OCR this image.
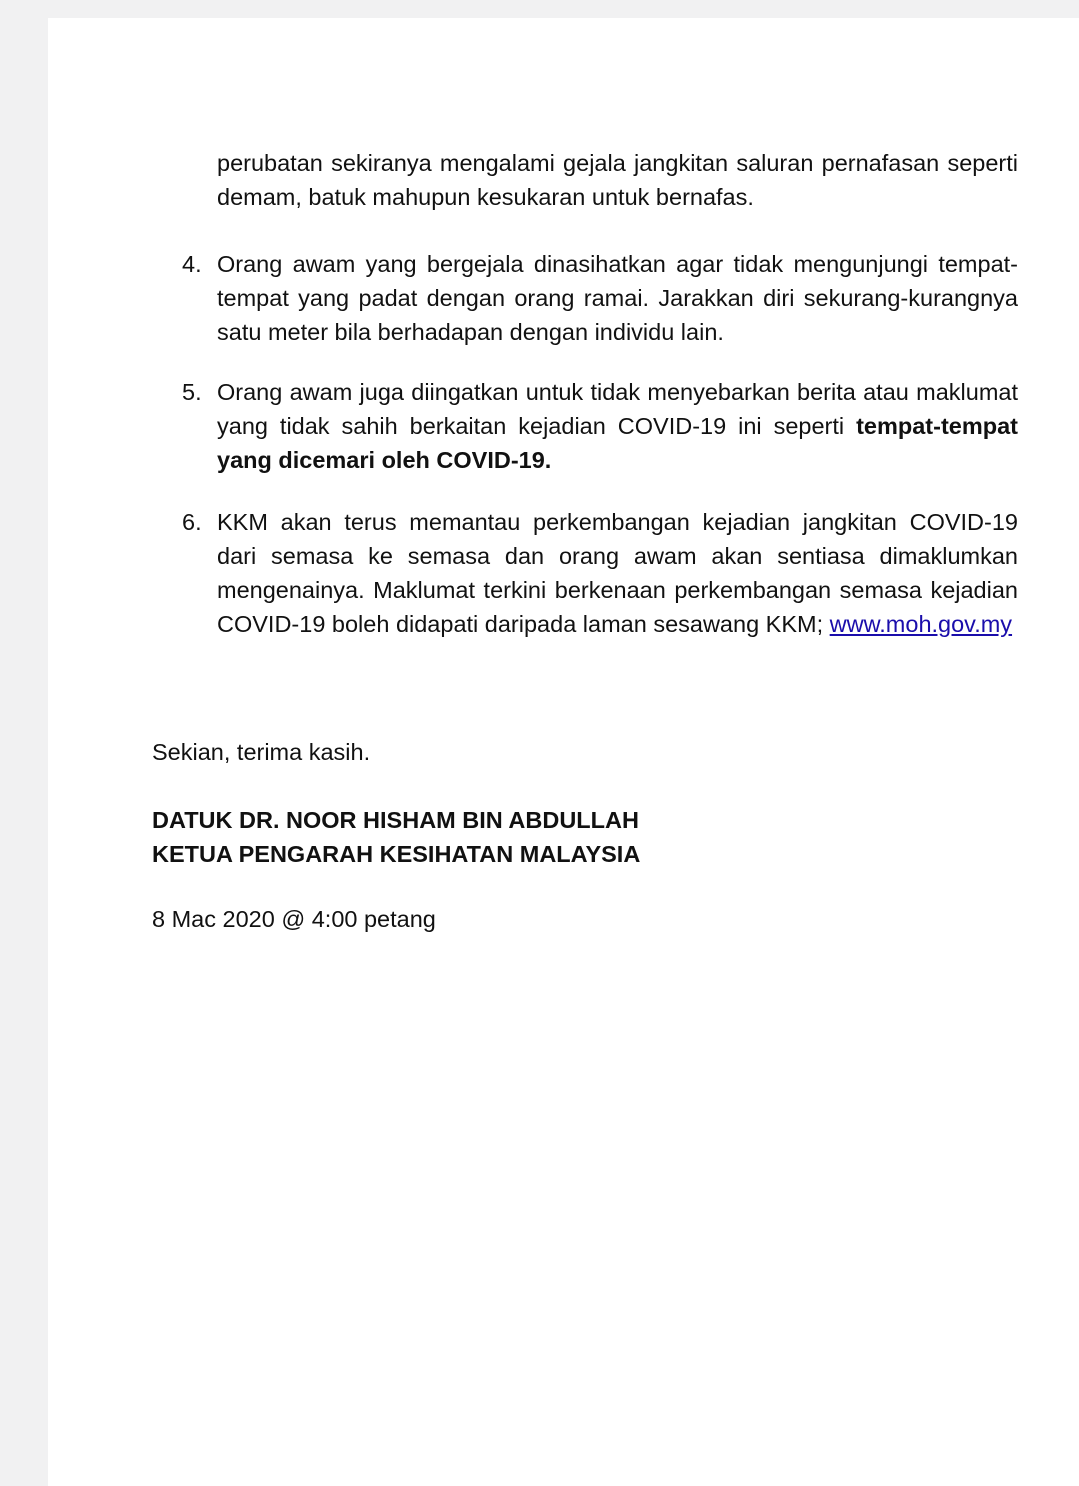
perubatan sekiranya mengalami gejala jangkitan saluran pernafasan seperti demam, batuk mahupun kesukaran untuk bernafas.

4. Orang awam yang bergejala dinasihatkan agar tidak mengunjungi tempat-tempat yang padat dengan orang ramai. Jarakkan diri sekurang-kurangnya satu meter bila berhadapan dengan individu lain.

5. Orang awam juga diingatkan untuk tidak menyebarkan berita atau maklumat yang tidak sahih berkaitan kejadian COVID-19 ini seperti tempat-tempat yang dicemari oleh COVID-19.

6. KKM akan terus memantau perkembangan kejadian jangkitan COVID-19 dari semasa ke semasa dan orang awam akan sentiasa dimaklumkan mengenainya. Maklumat terkini berkenaan perkembangan semasa kejadian COVID-19 boleh didapati daripada laman sesawang KKM; www.moh.gov.my

Sekian, terima kasih.

DATUK DR. NOOR HISHAM BIN ABDULLAH
KETUA PENGARAH KESIHATAN MALAYSIA

8 Mac 2020 @ 4:00 petang
